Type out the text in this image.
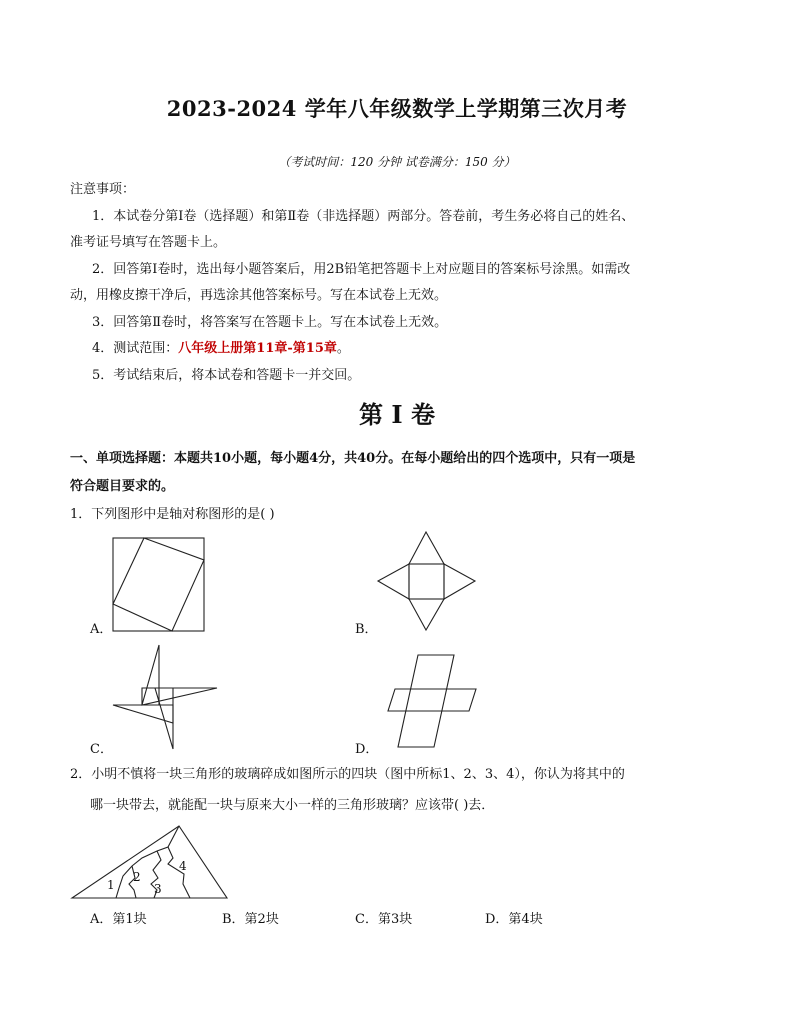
2023-2024 学年八年级数学上学期第三次月考
（考试时间：120 分钟 试卷满分：150 分）
注意事项：
1．本试卷分第Ⅰ卷（选择题）和第Ⅱ卷（非选择题）两部分。答卷前，考生务必将自己的姓名、
准考证号填写在答题卡上。
2．回答第Ⅰ卷时，选出每小题答案后，用2B铅笔把答题卡上对应题目的答案标号涂黑。如需改
动，用橡皮擦干净后，再选涂其他答案标号。写在本试卷上无效。
3．回答第Ⅱ卷时，将答案写在答题卡上。写在本试卷上无效。
4．测试范围：八年级上册第11章-第15章。
5．考试结束后，将本试卷和答题卡一并交回。
第 I 卷
一、单项选择题：本题共10小题，每小题4分，共40分。在每小题给出的四个选项中，只有一项是
符合题目要求的。
1．下列图形中是轴对称图形的是( )
A．	B．
C．	D．
2．小明不慎将一块三角形的玻璃碎成如图所示的四块（图中所标1、2、3、4），你认为将其中的
哪一块带去，就能配一块与原来大小一样的三角形玻璃？应该带( )去．
1
2
3
4
A．第1块	B．第2块	C．第3块	D．第4块
